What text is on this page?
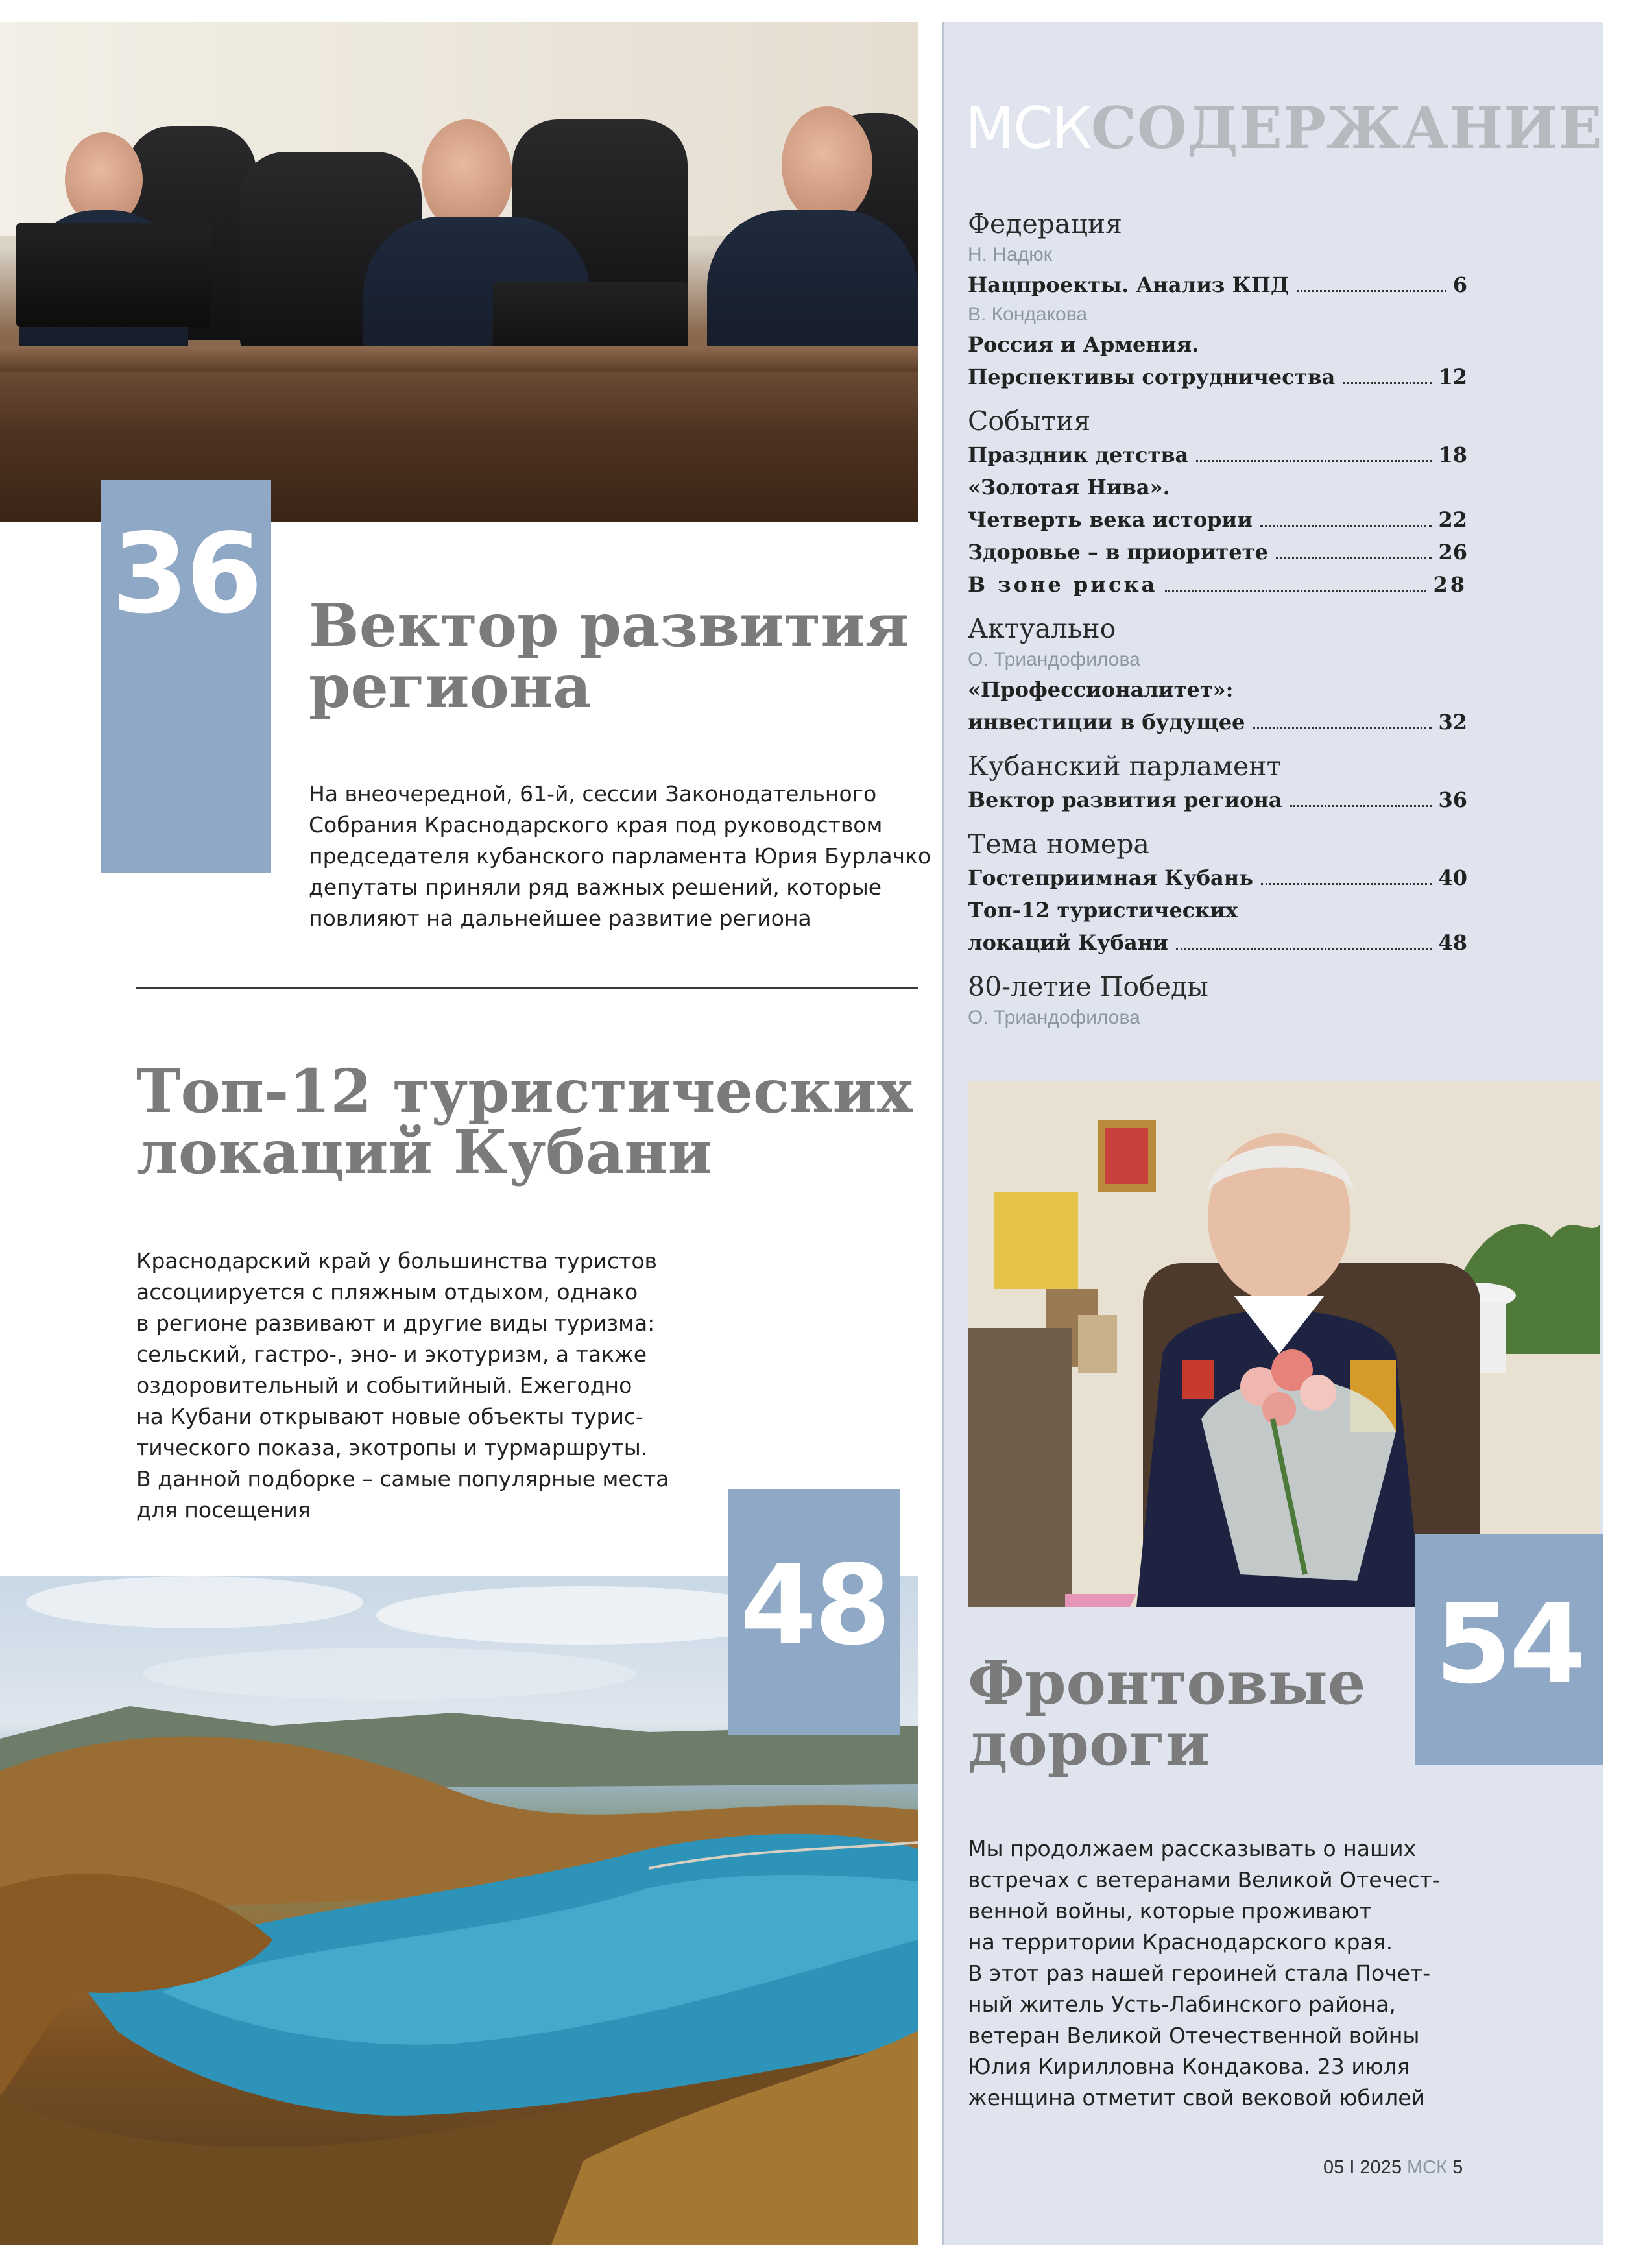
36 Вектор развития
региона
На внеочередной, 61-й, сессии Законодательного
Собрания Краснодарского края под руководством
председателя кубанского парламента Юрия Бурлачко
депутаты приняли ряд важных решений, которые
повлияют на дальнейшее развитие региона
Топ-12 туристических
локаций Кубани
Краснодарский край у большинства туристов
ассоциируется с пляжным отдыхом, однако
в регионе развивают и другие виды туризма:
сельский, гастро-, эно- и экотуризм, а также
оздоровительный и событийный. Ежегодно
на Кубани открывают новые объекты турис-
тического показа, экотропы и турмаршруты.
В данной подборке – самые популярные места
для посещения
48
МСКСОДЕРЖАНИЕ
Федерация
Н. Надюк
Нацпроекты. Анализ КПД	6
В. Кондакова
Россия и Армения.
Перспективы сотрудничества	12
События
Праздник детства	18
«Золотая Нива».
Четверть века истории	22
Здоровье – в приоритете	26
В зоне риска	28
Актуально
О. Триандофилова
«Профессионалитет»:
инвестиции в будущее	32
Кубанский парламент
Вектор развития региона	36
Тема номера
Гостеприимная Кубань	40
Топ-12 туристических
локаций Кубани	48
80-летие Победы
О. Триандофилова
54
Фронтовые
дороги
Мы продолжаем рассказывать о наших
встречах с ветеранами Великой Отечест-
венной войны, которые проживают
на территории Краснодарского края.
В этот раз нашей героиней стала Почет-
ный житель Усть-Лабинского района,
ветеран Великой Отечественной войны
Юлия Кирилловна Кондакова. 23 июля
женщина отметит свой вековой юбилей
05 I 2025 МСК 5
